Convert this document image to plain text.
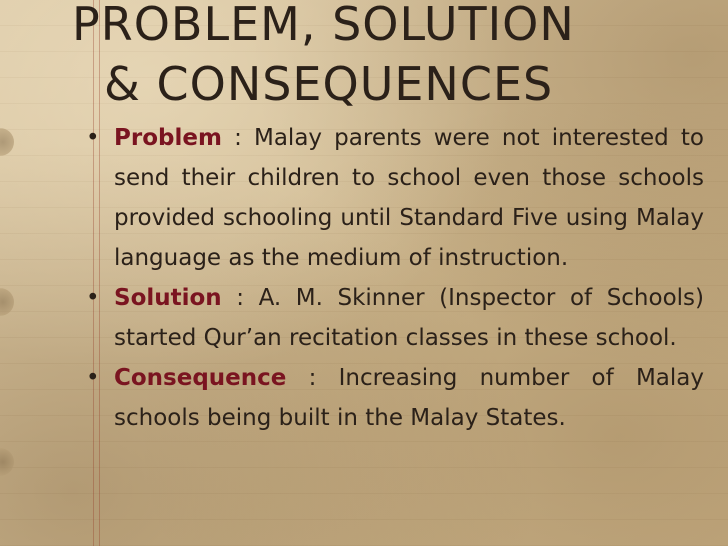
PROBLEM, SOLUTION
& CONSEQUENCES
• Problem : Malay parents were not interested to send their children to school even those schools provided schooling until Standard Five using Malay language as the medium of instruction.
• Solution : A. M. Skinner (Inspector of Schools) started Qur’an recitation classes in these school.
• Consequence : Increasing number of Malay schools being built in the Malay States.
